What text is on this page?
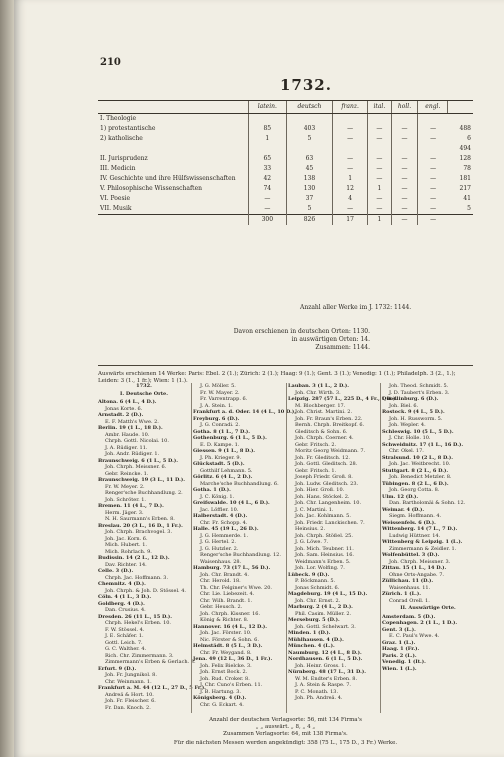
210
1732.
	latein.	deutsch	franz.	ital.	holl.	engl.	
I. Theologie							
1) protestantische	85	403	—	—	—	—	488
2) katholische	1	5	—	—	—	—	6
							494
II. Jurisprudenz	65	63	—	—	—	—	128
III. Medicin	33	45	—	—	—	—	78
IV. Geschichte und ihre Hülfswissenschaften	42	138	1	—	—	—	181
V. Philosophische Wissenschaften	74	130	12	1	—	—	217
VI. Poesie	—	37	4	—	—	—	41
VII. Musik	—	5	—	—	—	—	5
	300	826	17	1	—	—	
Anzahl aller Werke im J. 1732: 1144.
Davon erschienen in deutschen Orten: 1130.
in auswärtigen Orten: 14.
Zusammen: 1144.
Auswärts erschienen 14 Werke: Paris: Ebel. 2 (1.); Zürich: 2 (1.); Haag: 9 (1.); Gent. 3 (1.); Venedig: 1 (1.); Philadelph. 3 (2., 1.); Leiden: 3 (1., 1 fr.); Wien: 1 (1.).
1732.
I. Deutsche Orte.
Altona. 6 (4 L., 4 D.).
Jonas Korte. 6.
Arnstadt. 2 (D.).
E. F. Matth's Wwe. 2.
Berlin. 19 (1 L., 18 D.).
Ambr. Haude. 10.
Chrph. Gottl. Nicolai. 10.
J. A. Rüdiger. 11.
Joh. Andr. Rüdiger. 1.
Braunschweig. 6 (1 L., 5 D.).
Joh. Chrph. Meissner. 6.
Gebr. Reincke. 1.
Braunschweig. 19 (3 L., 11 D.).
Fr. W. Meyer. 2.
Renger'sche Buchhandlung. 2.
Joh. Schröter. 1.
Bremen. 11 (4 L., 7 D.).
Herm. Jäger. 3.
N. H. Saurmann's Erben. 8.
Breslau. 20 (3 L., 16 D., 1 Fr.).
Joh. Chrph. Brachvogel. 3.
Joh. Jac. Korn. 6.
Mich. Hubert. 1.
Mich. Rohrlach. 9.
Budissin. 14 (2 L., 12 D.).
Dav. Richter. 14.
Celle. 3 (D.).
Chrph. Jac. Hoffmann. 3.
Chemnitz. 4 (D.).
Joh. Chrph. & Joh. D. Stössel. 4.
Cöln. 4 (1 L., 3 D.).
Goldberg. 4 (D.).
Dan. Crusius. 4.
Dresden. 26 (11 L., 15 D.).
Chrph. Hekel's Erben. 10.
F. W. Stössel. 4.
J. E. Schäfer. 1.
Gottl. Leich. 7.
G. C. Walther. 4.
Rich. Chr. Zimmermann. 3.
Zimmermann's Erben & Gerlach. 3.
Erfurt. 9 (D.).
Joh. Fr. Jungnikol. 8.
Chr. Weinmann. 1.
Frankfurt a. M. 44 (12 L., 27 D., 5 Fr.).
Andreä & Hort. 10.
Joh. Fr. Fleischer. 6.
Fr. Dan. Knoch. 2.
J. G. Möller. 5.
Fr. W. Mayer. 2.
Fr. Varrentrapp. 6.
J. A. Stein. 1.
Frankfurt a. d. Oder. 14 (4 L., 10 D.).
Freyburg. 6 (D.).
J. G. Conradi. 2.
Gotha. 8 (1 L., 7 D.).
Gothenburg. 6 (1 L., 5 D.).
E. D. Kampe. 1.
Giessen. 9 (1 L., 8 D.).
J. Ph. Krieger. 9.
Glückstadt. 5 (D.).
Gotthilf Lehmann. 5.
Görlitz. 6 (4 L., 2 D.).
Marche'sche Buchhandlung. 6.
Gotha. 1 (D.).
J. C. König. 1.
Greifswalde. 10 (4 L., 6 D.).
Jac. Löffler. 10.
Halberstadt. 4 (D.).
Chr. Fr. Schopp. 4.
Halle. 45 (19 L., 26 D.).
J. G. Hemmerde. 1.
J. G. Hertel. 2.
J. G. Hutzler. 2.
Renger'sche Buchhandlung. 12.
Waisenhaus. 28.
Hamburg. 73 (17 L., 56 D.).
Joh. Chr. Brandt. 4.
Chr. Herold. 18.
Th. Chr. Felginer's Wwe. 20.
Chr. Lie. Liebezeit. 4.
Chr. Wilh. Brandt. 1.
Gebr. Heusch. 2.
Joh. Chrph. Kissner. 16.
König & Richter. 8.
Hannover. 16 (4 L., 12 D.).
Joh. Jac. Förster. 10.
Nic. Förster & Sohn. 6.
Helmstädt. 8 (5 L., 3 D.).
Chr. Fr. Weygand. 8.
Jena. 49 (12 L., 36 D., 1 Fr.).
Joh. Felix Bielcke. 3.
Joh. Ernst Bock. 2.
Joh. Rud. Croker. 8.
J. Chr. Cuno's Erben. 11.
J. B. Hartung. 3.
Königsberg. 4 (D.).
Chr. G. Eckart. 4.
Lauban. 3 (1 L., 2 D.).
Joh. Chr. Wirth. 3.
Leipzig. 287 (57 L., 225 D., 4 Fr., 1 It.).
M. Blochberger. 17.
Joh. Christ. Martini. 2.
Joh. Fr. Braun's Erben. 22.
Bernh. Chrph. Breitkopf. 6.
Gleditsch & Sohn. 6.
Joh. Chrph. Coerner. 4.
Gebr. Fritsch. 2.
Moritz Georg Weidmann. 7.
Joh. Fr. Gleditsch. 12.
Joh. Gottl. Gleditsch. 28.
Gebr. Fritsch. 1.
Joseph Friedr. Groß. 8.
Joh. Ludw. Gleditsch. 23.
Joh. Hier. Groß. 10.
Joh. Hans. Stöckel. 2.
Joh. Chr. Langenheim. 10.
J. C. Martini. 1.
Joh. Jac. Kohlmann. 5.
Joh. Friedr. Lanckischen. 7.
Heinsius. 2.
Joh. Chrph. Stößel. 25.
J. G. Löwe. 7.
Joh. Mich. Teubner. 11.
Joh. Sam. Heinsius. 16.
Weidmann's Erben. 5.
Joh. Lor. Wolfing. 7.
Lübeck. 9 (D.).
P. Böckmann. 5.
Jonas Schmidt. 6.
Magdeburg. 19 (4 L., 15 D.).
Joh. Chr. Ernst. 2.
Marburg. 2 (4 L., 2 D.).
Phil. Casim. Müller. 2.
Merseburg. 5 (D.).
Joh. Gottl. Schelwart. 3.
Minden. 1 (D.).
Mühlhausen. 4 (D.).
München. 4 (L.).
Naumburg. 12 (4 L., 8 D.).
Nordhausen. 6 (1 L., 5 D.).
Joh. Heinr. Gross. 1.
Nürnberg. 48 (17 L., 31 D.).
W. M. Endter's Erben. 8.
J. A. Stein & Raspe. 7.
P. C. Monath. 13.
Joh. Ph. Andreä. 4.
Joh. Theod. Schmidt. 5.
J. D. Taubert's Erben. 3.
Quedlinburg. 6 (D.).
Joh. Biel. 6.
Rostock. 9 (4 L., 5 D.).
Joh. H. Russworm. 5.
Joh. Wepler. 4.
Schleswig. 10 (5 L., 5 D.).
J. Chr. Holle. 10.
Schweidnitz. 17 (1 L., 16 D.).
Chr. Okel. 17.
Stralsund. 10 (2 L., 8 D.).
Joh. Jac. Weitbrecht. 10.
Stuttgart. 8 (2 L., 6 D.).
Joh. Benedict Metzler. 8.
Tübingen. 8 (2 L., 6 D.).
Joh. Georg Cotta. 8.
Ulm. 12 (D.).
Dan. Bartholomäi & Sohn. 12.
Weimar. 4 (D.).
Siegm. Hoffmann. 4.
Weissenfels. 6 (D.).
Wittenberg. 14 (7 L., 7 D.).
Ludwig Hüttner. 14.
Wittenberg & Leipzig. 1 (L.).
Zimmermann & Zeidler. 1.
Wolfenbüttel. 3 (D.).
Joh. Chrph. Meissner. 3.
Zittau. 15 (1 L., 14 D.).
Ohne Orts-Angabe. 7.
Züllichau. 11 (D.).
Waisenhaus. 11.
Zürich. 1 (L.).
Conrad Orell. 1.
II. Auswärtige Orte.
Amsterdam. 5 (D.).
Copenhagen. 2 (1 L., 1 D.).
Gent. 3 (L.).
E. C. Paul's Wwe. 4.
Graz. 1 (L.).
Haag. 1 (Fr.).
Paris. 2 (L.).
Venedig. 1 (It.).
Wien. 1 (L.).
Anzahl der deutschen Verlagsorte: 56, mit 134 Firma's
„ „ auswärt. „ 8, „ 4 „
Zusammen Verlagsorte: 64, mit 138 Firma's.
Für die nächsten Messen werden angekündigt: 358 (75 L., 175 D., 3 Fr.) Werke.
